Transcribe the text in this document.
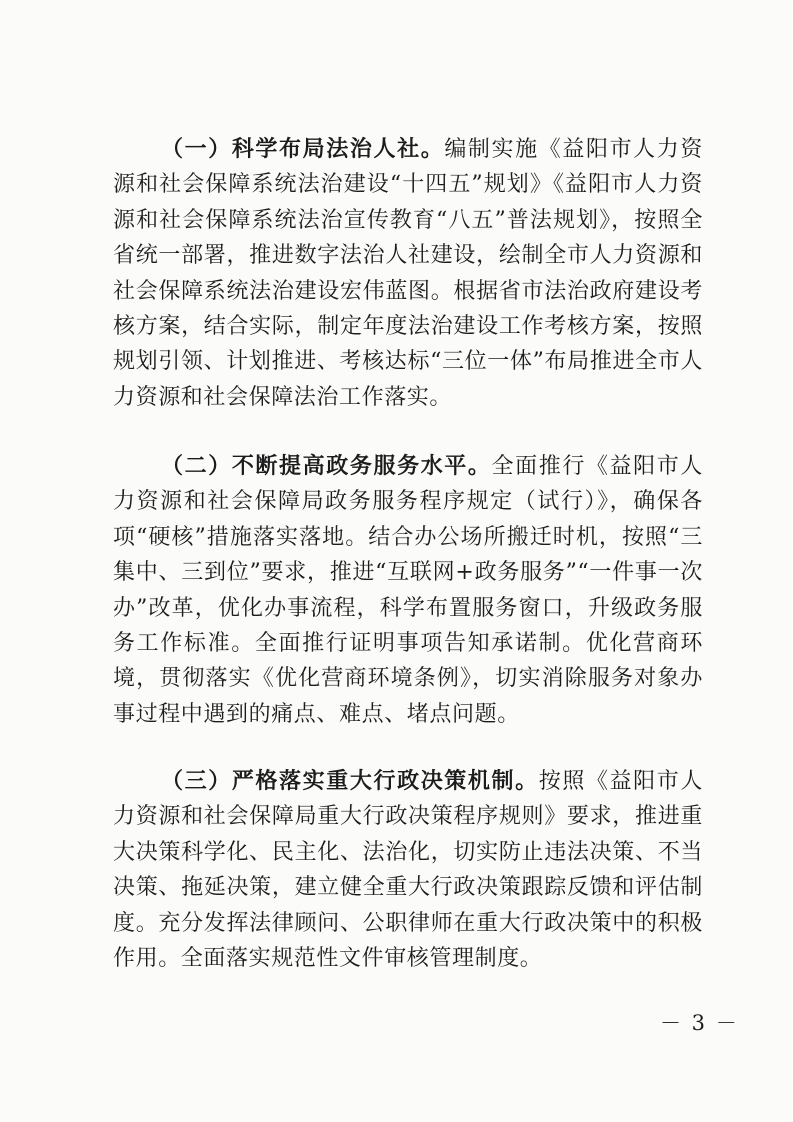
（一）科学布局法治人社。编制实施《益阳市人力资源和社会保障系统法治建设“十四五”规划》《益阳市人力资源和社会保障系统法治宣传教育“八五”普法规划》，按照全省统一部署，推进数字法治人社建设，绘制全市人力资源和社会保障系统法治建设宏伟蓝图。根据省市法治政府建设考核方案，结合实际，制定年度法治建设工作考核方案，按照规划引领、计划推进、考核达标“三位一体”布局推进全市人力资源和社会保障法治工作落实。

（二）不断提高政务服务水平。全面推行《益阳市人力资源和社会保障局政务服务程序规定（试行）》，确保各项“硬核”措施落实落地。结合办公场所搬迁时机，按照“三集中、三到位”要求，推进“互联网+政务服务”“一件事一次办”改革，优化办事流程，科学布置服务窗口，升级政务服务工作标准。全面推行证明事项告知承诺制。优化营商环境，贯彻落实《优化营商环境条例》，切实消除服务对象办事过程中遇到的痛点、难点、堵点问题。

（三）严格落实重大行政决策机制。按照《益阳市人力资源和社会保障局重大行政决策程序规则》要求，推进重大决策科学化、民主化、法治化，切实防止违法决策、不当决策、拖延决策，建立健全重大行政决策跟踪反馈和评估制度。充分发挥法律顾问、公职律师在重大行政决策中的积极作用。全面落实规范性文件审核管理制度。

－ 3 －
